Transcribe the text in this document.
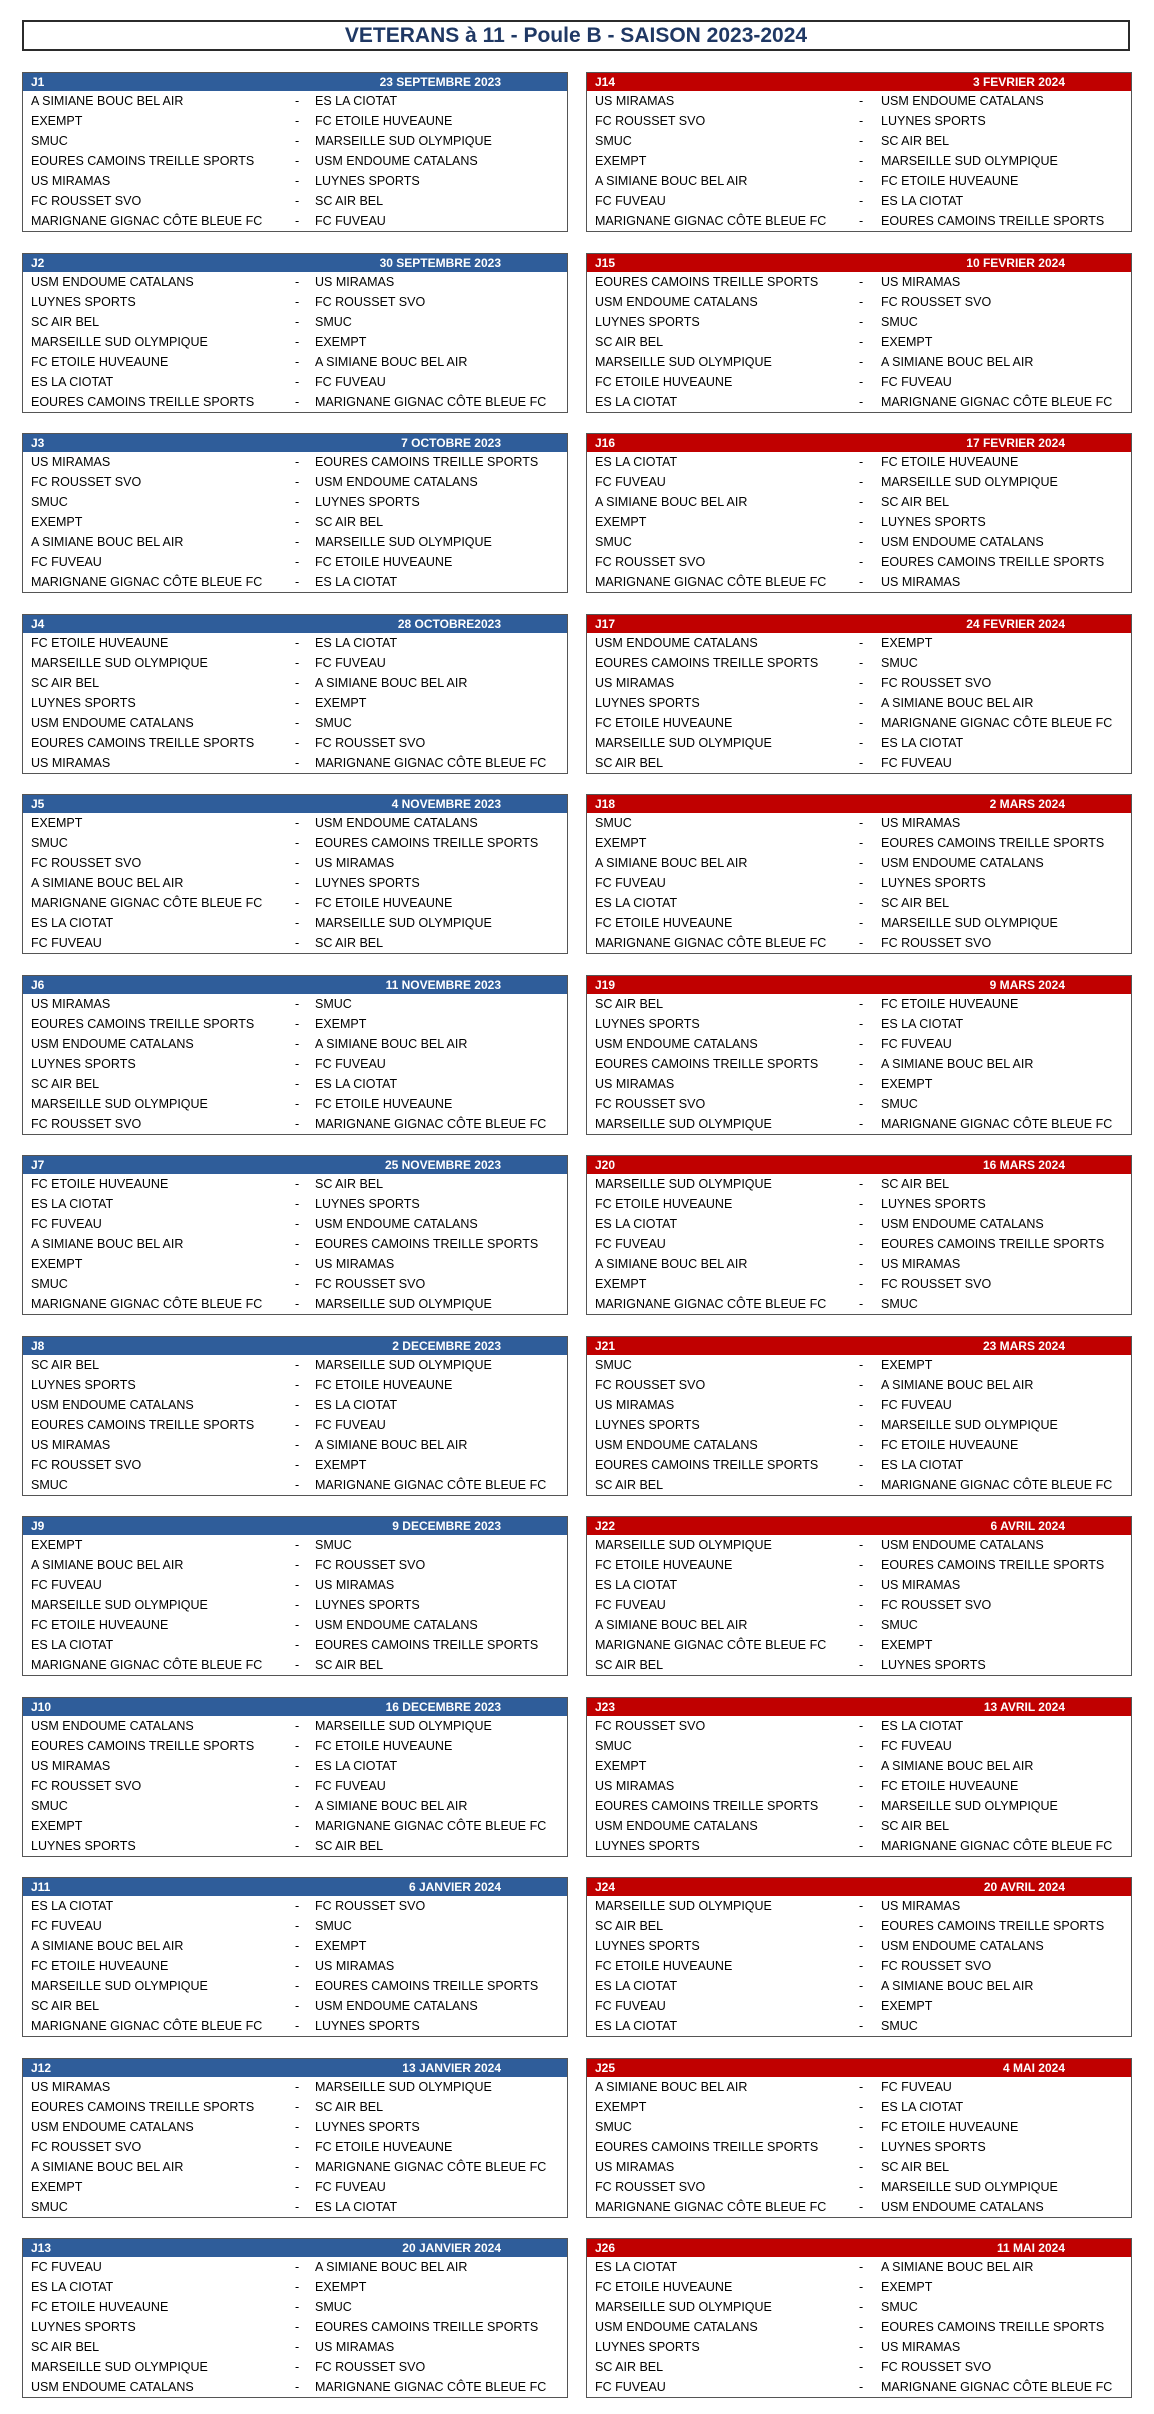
VETERANS à 11 - Poule B - SAISON 2023-2024
J1	23 SEPTEMBRE 2023
A SIMIANE BOUC BEL AIR	- ES LA CIOTAT
EXEMPT	- FC ETOILE HUVEAUNE
SMUC	- MARSEILLE SUD OLYMPIQUE
EOURES CAMOINS TREILLE SPORTS	- USM ENDOUME CATALANS
US MIRAMAS	- LUYNES SPORTS
FC ROUSSET SVO	- SC AIR BEL
MARIGNANE GIGNAC CÔTE BLEUE FC	- FC FUVEAU
J14	3 FEVRIER 2024
US MIRAMAS	- USM ENDOUME CATALANS
FC ROUSSET SVO	- LUYNES SPORTS
SMUC	- SC AIR BEL
EXEMPT	- MARSEILLE SUD OLYMPIQUE
A SIMIANE BOUC BEL AIR	- FC ETOILE HUVEAUNE
FC FUVEAU	- ES LA CIOTAT
MARIGNANE GIGNAC CÔTE BLEUE FC	- EOURES CAMOINS TREILLE SPORTS
J2	30 SEPTEMBRE 2023
USM ENDOUME CATALANS	- US MIRAMAS
LUYNES SPORTS	- FC ROUSSET SVO
SC AIR BEL	- SMUC
MARSEILLE SUD OLYMPIQUE	- EXEMPT
FC ETOILE HUVEAUNE	- A SIMIANE BOUC BEL AIR
ES LA CIOTAT	- FC FUVEAU
EOURES CAMOINS TREILLE SPORTS	- MARIGNANE GIGNAC CÔTE BLEUE FC
J15	10 FEVRIER 2024
EOURES CAMOINS TREILLE SPORTS	- US MIRAMAS
USM ENDOUME CATALANS	- FC ROUSSET SVO
LUYNES SPORTS	- SMUC
SC AIR BEL	- EXEMPT
MARSEILLE SUD OLYMPIQUE	- A SIMIANE BOUC BEL AIR
FC ETOILE HUVEAUNE	- FC FUVEAU
ES LA CIOTAT	- MARIGNANE GIGNAC CÔTE BLEUE FC
J3	7 OCTOBRE 2023
US MIRAMAS	- EOURES CAMOINS TREILLE SPORTS
FC ROUSSET SVO	- USM ENDOUME CATALANS
SMUC	- LUYNES SPORTS
EXEMPT	- SC AIR BEL
A SIMIANE BOUC BEL AIR	- MARSEILLE SUD OLYMPIQUE
FC FUVEAU	- FC ETOILE HUVEAUNE
MARIGNANE GIGNAC CÔTE BLEUE FC	- ES LA CIOTAT
J16	17 FEVRIER 2024
ES LA CIOTAT	- FC ETOILE HUVEAUNE
FC FUVEAU	- MARSEILLE SUD OLYMPIQUE
A SIMIANE BOUC BEL AIR	- SC AIR BEL
EXEMPT	- LUYNES SPORTS
SMUC	- USM ENDOUME CATALANS
FC ROUSSET SVO	- EOURES CAMOINS TREILLE SPORTS
MARIGNANE GIGNAC CÔTE BLEUE FC	- US MIRAMAS
J4	28 OCTOBRE2023
FC ETOILE HUVEAUNE	- ES LA CIOTAT
MARSEILLE SUD OLYMPIQUE	- FC FUVEAU
SC AIR BEL	- A SIMIANE BOUC BEL AIR
LUYNES SPORTS	- EXEMPT
USM ENDOUME CATALANS	- SMUC
EOURES CAMOINS TREILLE SPORTS	- FC ROUSSET SVO
US MIRAMAS	- MARIGNANE GIGNAC CÔTE BLEUE FC
J17	24 FEVRIER 2024
USM ENDOUME CATALANS	- EXEMPT
EOURES CAMOINS TREILLE SPORTS	- SMUC
US MIRAMAS	- FC ROUSSET SVO
LUYNES SPORTS	- A SIMIANE BOUC BEL AIR
FC ETOILE HUVEAUNE	- MARIGNANE GIGNAC CÔTE BLEUE FC
MARSEILLE SUD OLYMPIQUE	- ES LA CIOTAT
SC AIR BEL	- FC FUVEAU
J5	4 NOVEMBRE 2023
EXEMPT	- USM ENDOUME CATALANS
SMUC	- EOURES CAMOINS TREILLE SPORTS
FC ROUSSET SVO	- US MIRAMAS
A SIMIANE BOUC BEL AIR	- LUYNES SPORTS
MARIGNANE GIGNAC CÔTE BLEUE FC	- FC ETOILE HUVEAUNE
ES LA CIOTAT	- MARSEILLE SUD OLYMPIQUE
FC FUVEAU	- SC AIR BEL
J18	2 MARS 2024
SMUC	- US MIRAMAS
EXEMPT	- EOURES CAMOINS TREILLE SPORTS
A SIMIANE BOUC BEL AIR	- USM ENDOUME CATALANS
FC FUVEAU	- LUYNES SPORTS
ES LA CIOTAT	- SC AIR BEL
FC ETOILE HUVEAUNE	- MARSEILLE SUD OLYMPIQUE
MARIGNANE GIGNAC CÔTE BLEUE FC	- FC ROUSSET SVO
J6	11 NOVEMBRE 2023
US MIRAMAS	- SMUC
EOURES CAMOINS TREILLE SPORTS	- EXEMPT
USM ENDOUME CATALANS	- A SIMIANE BOUC BEL AIR
LUYNES SPORTS	- FC FUVEAU
SC AIR BEL	- ES LA CIOTAT
MARSEILLE SUD OLYMPIQUE	- FC ETOILE HUVEAUNE
FC ROUSSET SVO	- MARIGNANE GIGNAC CÔTE BLEUE FC
J19	9 MARS 2024
SC AIR BEL	- FC ETOILE HUVEAUNE
LUYNES SPORTS	- ES LA CIOTAT
USM ENDOUME CATALANS	- FC FUVEAU
EOURES CAMOINS TREILLE SPORTS	- A SIMIANE BOUC BEL AIR
US MIRAMAS	- EXEMPT
FC ROUSSET SVO	- SMUC
MARSEILLE SUD OLYMPIQUE	- MARIGNANE GIGNAC CÔTE BLEUE FC
J7	25 NOVEMBRE 2023
FC ETOILE HUVEAUNE	- SC AIR BEL
ES LA CIOTAT	- LUYNES SPORTS
FC FUVEAU	- USM ENDOUME CATALANS
A SIMIANE BOUC BEL AIR	- EOURES CAMOINS TREILLE SPORTS
EXEMPT	- US MIRAMAS
SMUC	- FC ROUSSET SVO
MARIGNANE GIGNAC CÔTE BLEUE FC	- MARSEILLE SUD OLYMPIQUE
J20	16 MARS 2024
MARSEILLE SUD OLYMPIQUE	- SC AIR BEL
FC ETOILE HUVEAUNE	- LUYNES SPORTS
ES LA CIOTAT	- USM ENDOUME CATALANS
FC FUVEAU	- EOURES CAMOINS TREILLE SPORTS
A SIMIANE BOUC BEL AIR	- US MIRAMAS
EXEMPT	- FC ROUSSET SVO
MARIGNANE GIGNAC CÔTE BLEUE FC	- SMUC
J8	2 DECEMBRE 2023
SC AIR BEL	- MARSEILLE SUD OLYMPIQUE
LUYNES SPORTS	- FC ETOILE HUVEAUNE
USM ENDOUME CATALANS	- ES LA CIOTAT
EOURES CAMOINS TREILLE SPORTS	- FC FUVEAU
US MIRAMAS	- A SIMIANE BOUC BEL AIR
FC ROUSSET SVO	- EXEMPT
SMUC	- MARIGNANE GIGNAC CÔTE BLEUE FC
J21	23 MARS 2024
SMUC	- EXEMPT
FC ROUSSET SVO	- A SIMIANE BOUC BEL AIR
US MIRAMAS	- FC FUVEAU
LUYNES SPORTS	- MARSEILLE SUD OLYMPIQUE
USM ENDOUME CATALANS	- FC ETOILE HUVEAUNE
EOURES CAMOINS TREILLE SPORTS	- ES LA CIOTAT
SC AIR BEL	- MARIGNANE GIGNAC CÔTE BLEUE FC
J9	9 DECEMBRE 2023
EXEMPT	- SMUC
A SIMIANE BOUC BEL AIR	- FC ROUSSET SVO
FC FUVEAU	- US MIRAMAS
MARSEILLE SUD OLYMPIQUE	- LUYNES SPORTS
FC ETOILE HUVEAUNE	- USM ENDOUME CATALANS
ES LA CIOTAT	- EOURES CAMOINS TREILLE SPORTS
MARIGNANE GIGNAC CÔTE BLEUE FC	- SC AIR BEL
J22	6 AVRIL 2024
MARSEILLE SUD OLYMPIQUE	- USM ENDOUME CATALANS
FC ETOILE HUVEAUNE	- EOURES CAMOINS TREILLE SPORTS
ES LA CIOTAT	- US MIRAMAS
FC FUVEAU	- FC ROUSSET SVO
A SIMIANE BOUC BEL AIR	- SMUC
MARIGNANE GIGNAC CÔTE BLEUE FC	- EXEMPT
SC AIR BEL	- LUYNES SPORTS
J10	16 DECEMBRE 2023
USM ENDOUME CATALANS	- MARSEILLE SUD OLYMPIQUE
EOURES CAMOINS TREILLE SPORTS	- FC ETOILE HUVEAUNE
US MIRAMAS	- ES LA CIOTAT
FC ROUSSET SVO	- FC FUVEAU
SMUC	- A SIMIANE BOUC BEL AIR
EXEMPT	- MARIGNANE GIGNAC CÔTE BLEUE FC
LUYNES SPORTS	- SC AIR BEL
J23	13 AVRIL 2024
FC ROUSSET SVO	- ES LA CIOTAT
SMUC	- FC FUVEAU
EXEMPT	- A SIMIANE BOUC BEL AIR
US MIRAMAS	- FC ETOILE HUVEAUNE
EOURES CAMOINS TREILLE SPORTS	- MARSEILLE SUD OLYMPIQUE
USM ENDOUME CATALANS	- SC AIR BEL
LUYNES SPORTS	- MARIGNANE GIGNAC CÔTE BLEUE FC
J11	6 JANVIER 2024
ES LA CIOTAT	- FC ROUSSET SVO
FC FUVEAU	- SMUC
A SIMIANE BOUC BEL AIR	- EXEMPT
FC ETOILE HUVEAUNE	- US MIRAMAS
MARSEILLE SUD OLYMPIQUE	- EOURES CAMOINS TREILLE SPORTS
SC AIR BEL	- USM ENDOUME CATALANS
MARIGNANE GIGNAC CÔTE BLEUE FC	- LUYNES SPORTS
J24	20 AVRIL 2024
MARSEILLE SUD OLYMPIQUE	- US MIRAMAS
SC AIR BEL	- EOURES CAMOINS TREILLE SPORTS
LUYNES SPORTS	- USM ENDOUME CATALANS
FC ETOILE HUVEAUNE	- FC ROUSSET SVO
ES LA CIOTAT	- A SIMIANE BOUC BEL AIR
FC FUVEAU	- EXEMPT
ES LA CIOTAT	- SMUC
J12	13 JANVIER 2024
US MIRAMAS	- MARSEILLE SUD OLYMPIQUE
EOURES CAMOINS TREILLE SPORTS	- SC AIR BEL
USM ENDOUME CATALANS	- LUYNES SPORTS
FC ROUSSET SVO	- FC ETOILE HUVEAUNE
A SIMIANE BOUC BEL AIR	- MARIGNANE GIGNAC CÔTE BLEUE FC
EXEMPT	- FC FUVEAU
SMUC	- ES LA CIOTAT
J25	4 MAI 2024
A SIMIANE BOUC BEL AIR	- FC FUVEAU
EXEMPT	- ES LA CIOTAT
SMUC	- FC ETOILE HUVEAUNE
EOURES CAMOINS TREILLE SPORTS	- LUYNES SPORTS
US MIRAMAS	- SC AIR BEL
FC ROUSSET SVO	- MARSEILLE SUD OLYMPIQUE
MARIGNANE GIGNAC CÔTE BLEUE FC	- USM ENDOUME CATALANS
J13	20 JANVIER 2024
FC FUVEAU	- A SIMIANE BOUC BEL AIR
ES LA CIOTAT	- EXEMPT
FC ETOILE HUVEAUNE	- SMUC
LUYNES SPORTS	- EOURES CAMOINS TREILLE SPORTS
SC AIR BEL	- US MIRAMAS
MARSEILLE SUD OLYMPIQUE	- FC ROUSSET SVO
USM ENDOUME CATALANS	- MARIGNANE GIGNAC CÔTE BLEUE FC
J26	11 MAI 2024
ES LA CIOTAT	- A SIMIANE BOUC BEL AIR
FC ETOILE HUVEAUNE	- EXEMPT
MARSEILLE SUD OLYMPIQUE	- SMUC
USM ENDOUME CATALANS	- EOURES CAMOINS TREILLE SPORTS
LUYNES SPORTS	- US MIRAMAS
SC AIR BEL	- FC ROUSSET SVO
FC FUVEAU	- MARIGNANE GIGNAC CÔTE BLEUE FC
